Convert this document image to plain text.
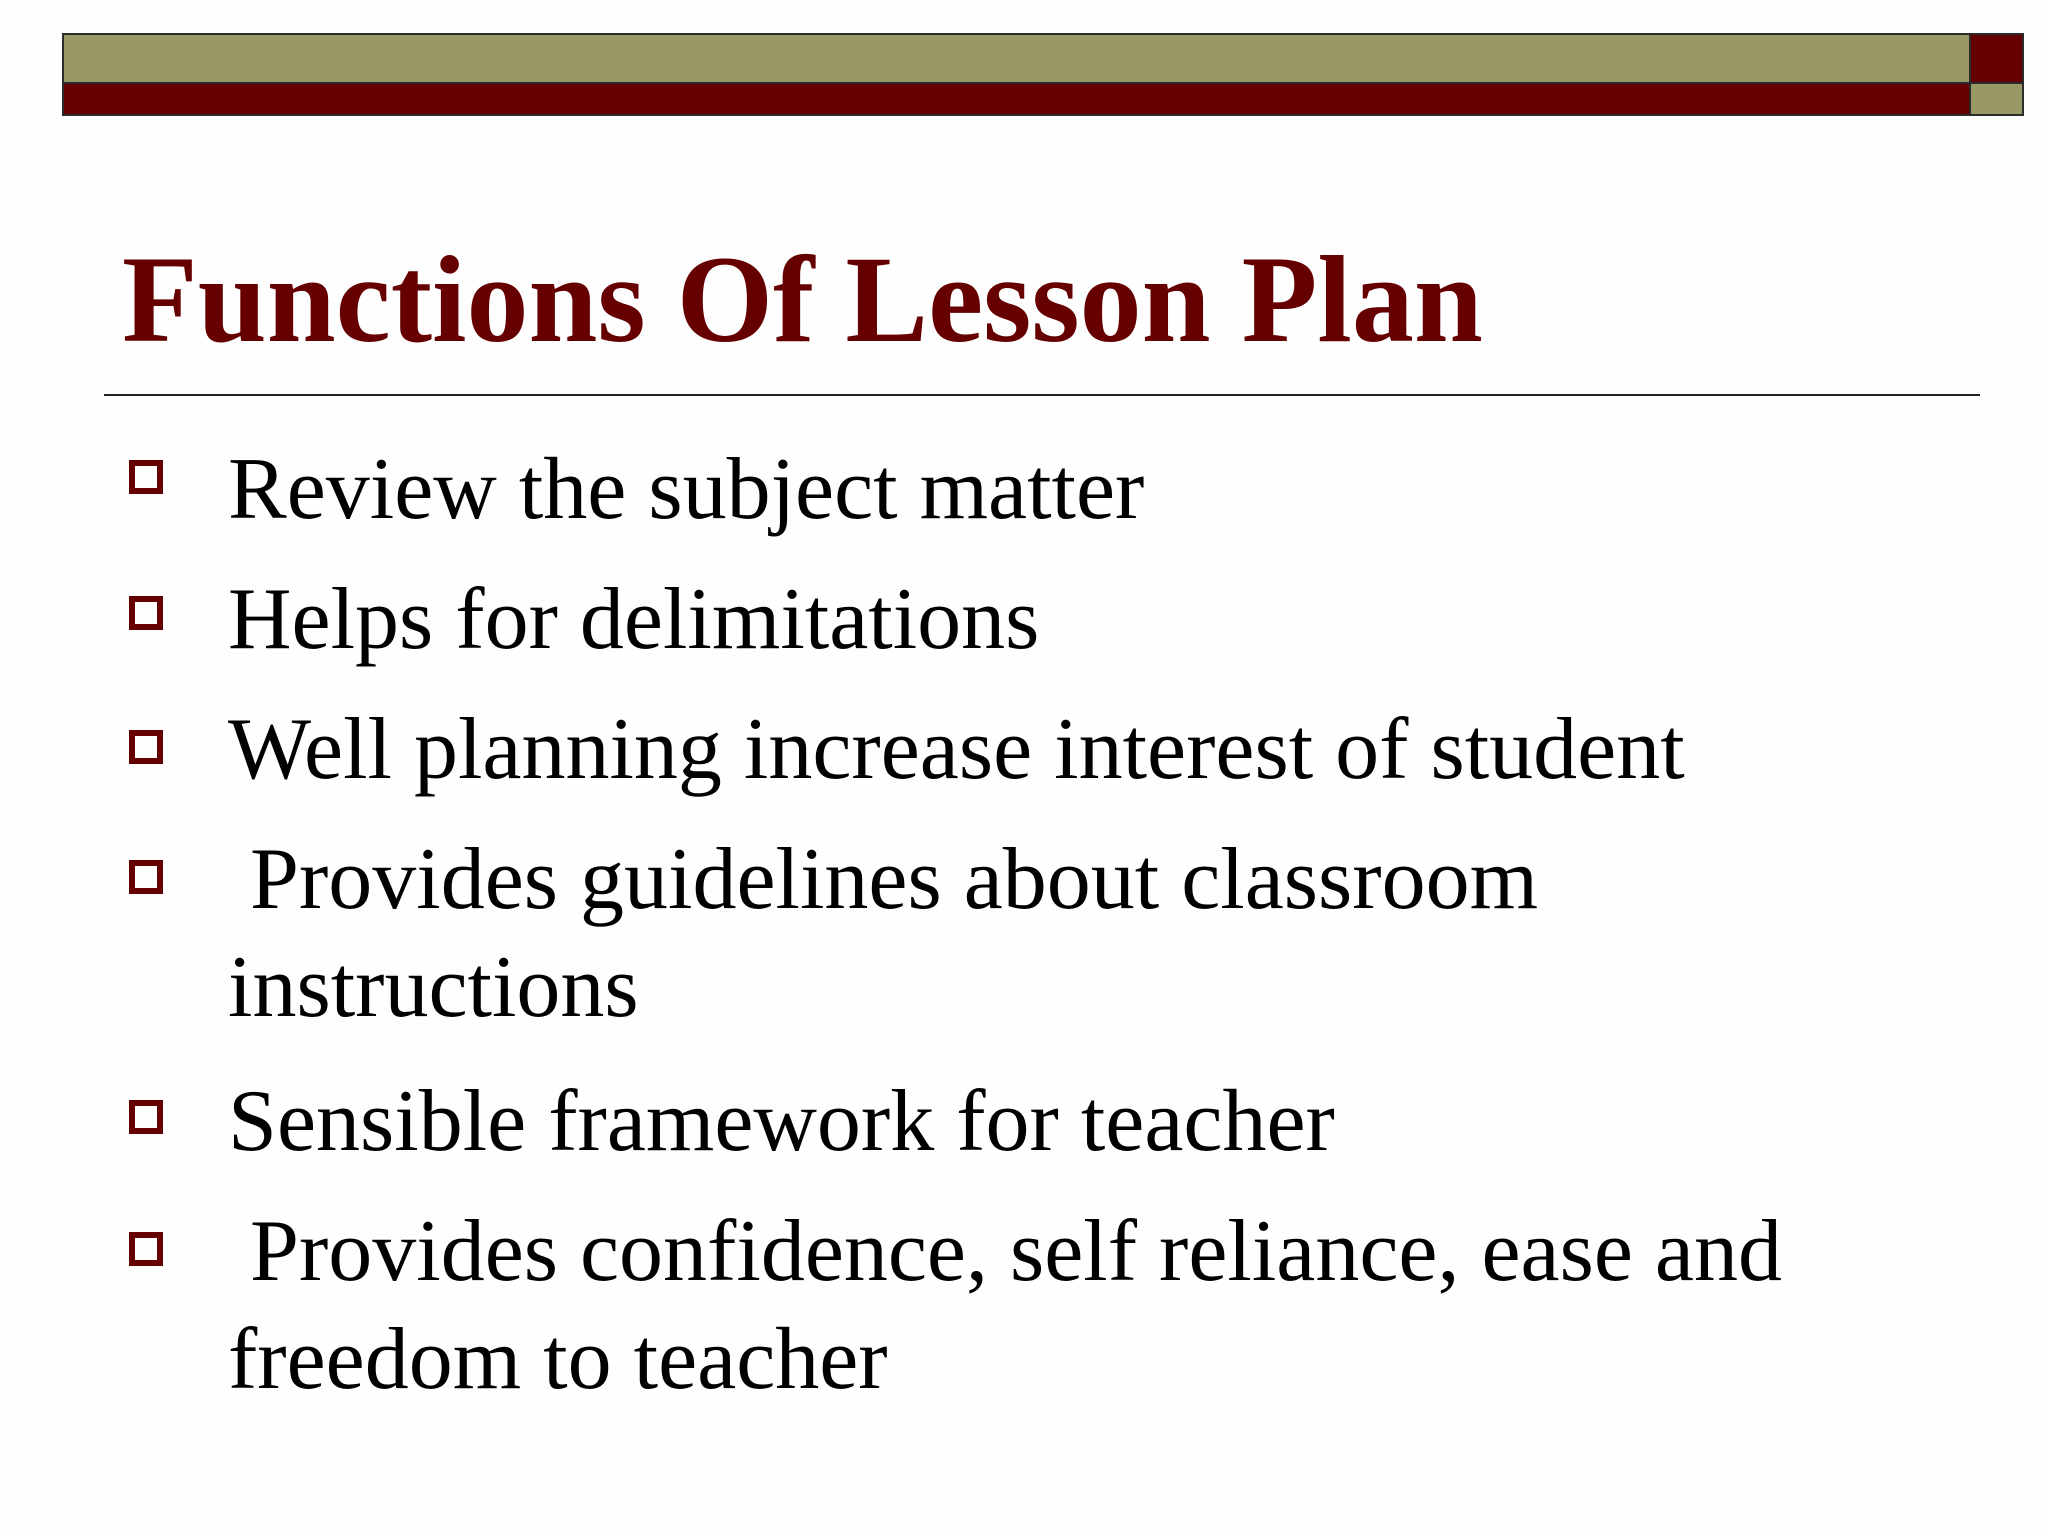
Functions Of Lesson Plan

Review the subject matter

Helps for delimitations

Well planning increase interest of student

Provides guidelines about classroom instructions

Sensible framework for teacher

Provides confidence, self reliance, ease and freedom to teacher
